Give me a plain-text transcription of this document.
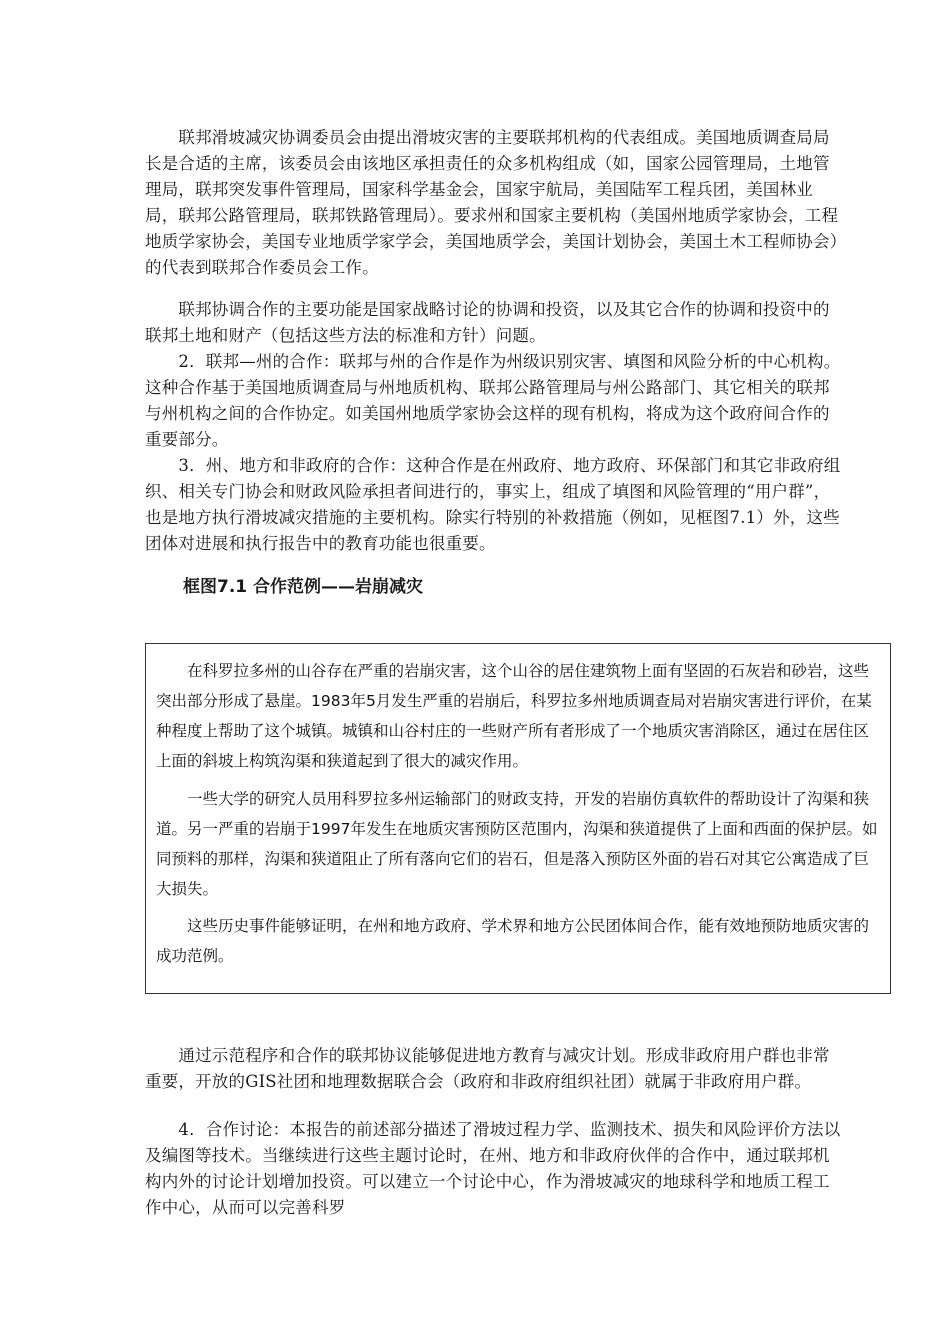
　　联邦滑坡减灾协调委员会由提出滑坡灾害的主要联邦机构的代表组成。美国地质调查局局长是合适的主席，该委员会由该地区承担责任的众多机构组成（如，国家公园管理局，土地管理局，联邦突发事件管理局，国家科学基金会，国家宇航局，美国陆军工程兵团，美国林业局，联邦公路管理局，联邦铁路管理局）。要求州和国家主要机构（美国州地质学家协会，工程地质学家协会，美国专业地质学家学会，美国地质学会，美国计划协会，美国土木工程师协会）的代表到联邦合作委员会工作。

　　联邦协调合作的主要功能是国家战略讨论的协调和投资，以及其它合作的协调和投资中的联邦土地和财产（包括这些方法的标准和方针）问题。

　　2．联邦—州的合作：联邦与州的合作是作为州级识别灾害、填图和风险分析的中心机构。这种合作基于美国地质调查局与州地质机构、联邦公路管理局与州公路部门、其它相关的联邦与州机构之间的合作协定。如美国州地质学家协会这样的现有机构，将成为这个政府间合作的重要部分。

　　3．州、地方和非政府的合作：这种合作是在州政府、地方政府、环保部门和其它非政府组织、相关专门协会和财政风险承担者间进行的，事实上，组成了填图和风险管理的“用户群”，也是地方执行滑坡减灾措施的主要机构。除实行特别的补救措施（例如，见框图7.1）外，这些团体对进展和执行报告中的教育功能也很重要。

框图7.1 合作范例——岩崩减灾

　　在科罗拉多州的山谷存在严重的岩崩灾害，这个山谷的居住建筑物上面有坚固的石灰岩和砂岩，这些突出部分形成了悬崖。1983年5月发生严重的岩崩后，科罗拉多州地质调查局对岩崩灾害进行评价，在某种程度上帮助了这个城镇。城镇和山谷村庄的一些财产所有者形成了一个地质灾害消除区，通过在居住区上面的斜坡上构筑沟渠和狭道起到了很大的减灾作用。

　　一些大学的研究人员用科罗拉多州运输部门的财政支持，开发的岩崩仿真软件的帮助设计了沟渠和狭道。另一严重的岩崩于1997年发生在地质灾害预防区范围内，沟渠和狭道提供了上面和西面的保护层。如同预料的那样，沟渠和狭道阻止了所有落向它们的岩石，但是落入预防区外面的岩石对其它公寓造成了巨大损失。

　　这些历史事件能够证明，在州和地方政府、学术界和地方公民团体间合作，能有效地预防地质灾害的成功范例。

　　通过示范程序和合作的联邦协议能够促进地方教育与减灾计划。形成非政府用户群也非常重要，开放的GIS社团和地理数据联合会（政府和非政府组织社团）就属于非政府用户群。

　　4．合作讨论：本报告的前述部分描述了滑坡过程力学、监测技术、损失和风险评价方法以及编图等技术。当继续进行这些主题讨论时，在州、地方和非政府伙伴的合作中，通过联邦机构内外的讨论计划增加投资。可以建立一个讨论中心，作为滑坡减灾的地球科学和地质工程工作中心，从而可以完善科罗
